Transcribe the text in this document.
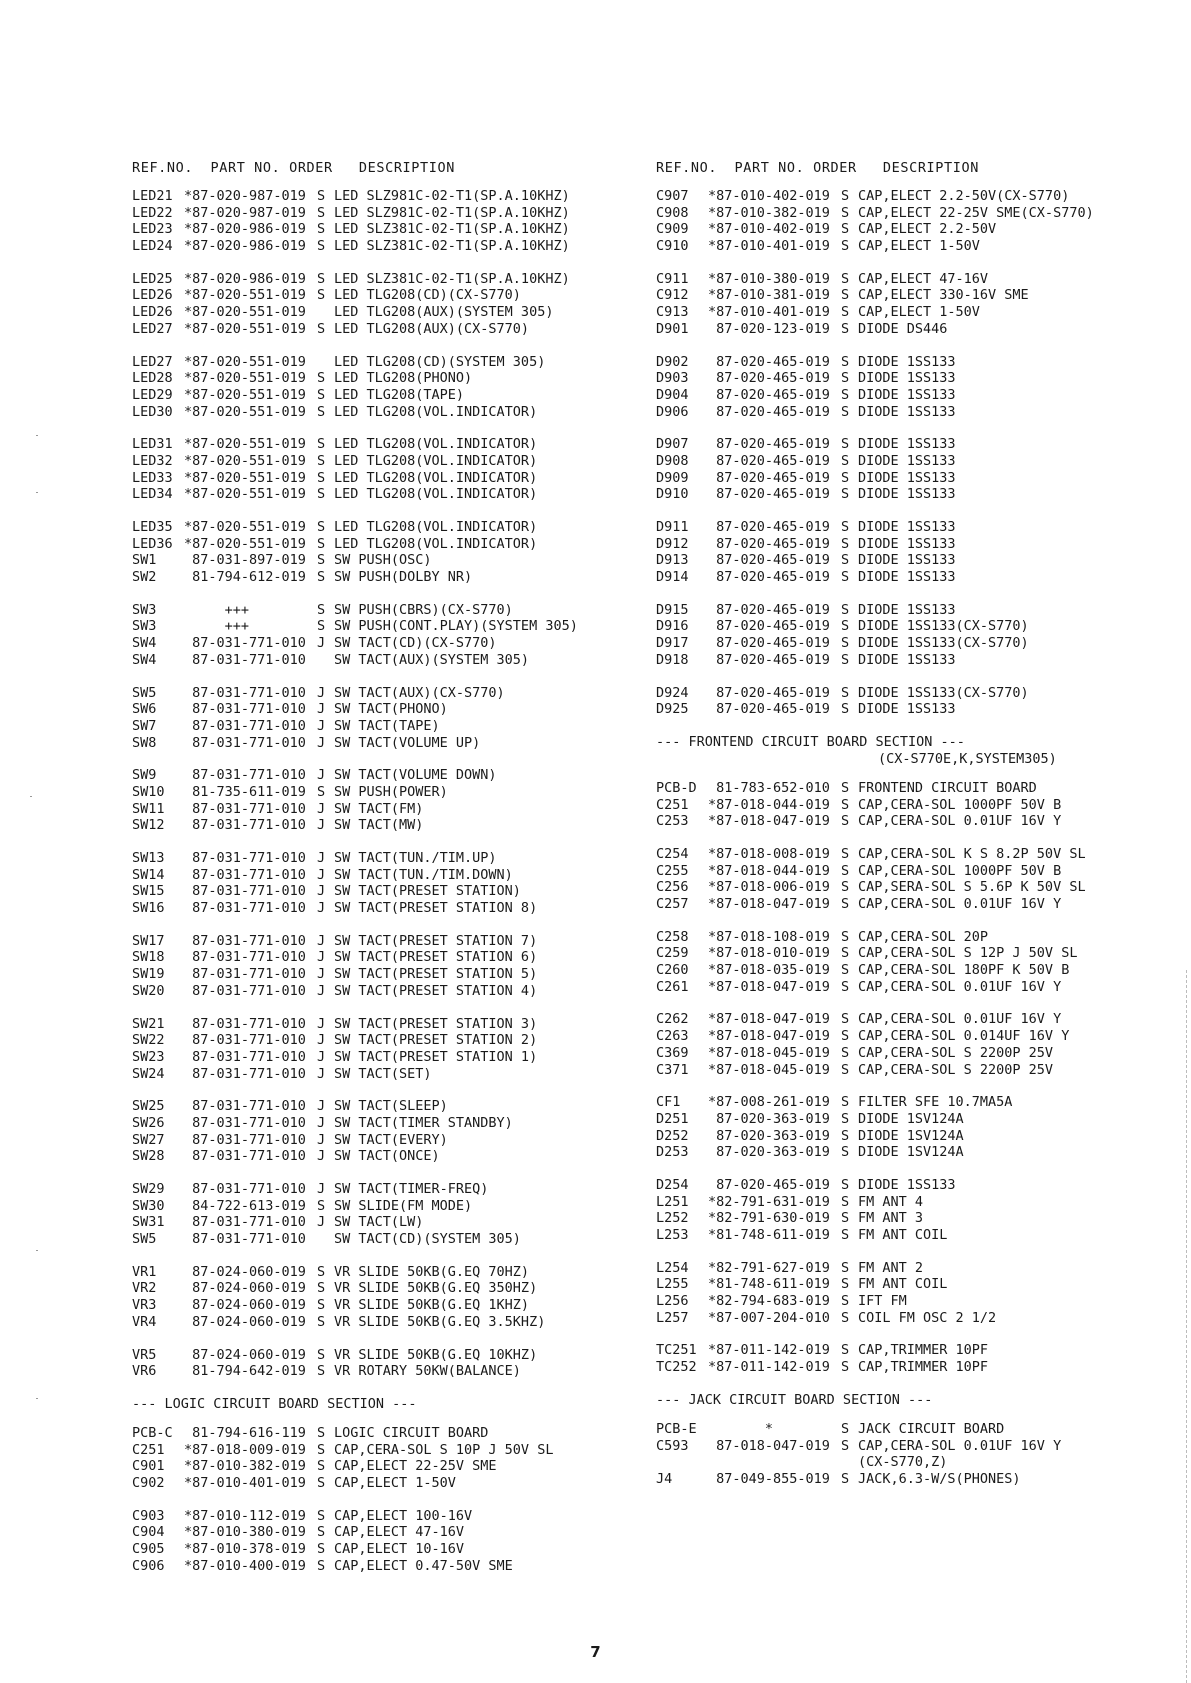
REF.NO.  PART NO. ORDER   DESCRIPTION
LED21 *87-020-987-019 S LED SLZ981C-02-T1(SP.A.10KHZ)
LED22 *87-020-987-019 S LED SLZ981C-02-T1(SP.A.10KHZ)
LED23 *87-020-986-019 S LED SLZ381C-02-T1(SP.A.10KHZ)
LED24 *87-020-986-019 S LED SLZ381C-02-T1(SP.A.10KHZ)
LED25 *87-020-986-019 S LED SLZ381C-02-T1(SP.A.10KHZ)
LED26 *87-020-551-019 S LED TLG208(CD)(CX-S770)
LED26 *87-020-551-019 LED TLG208(AUX)(SYSTEM 305)
LED27 *87-020-551-019 S LED TLG208(AUX)(CX-S770)
LED27 *87-020-551-019 LED TLG208(CD)(SYSTEM 305)
LED28 *87-020-551-019 S LED TLG208(PHONO)
LED29 *87-020-551-019 S LED TLG208(TAPE)
LED30 *87-020-551-019 S LED TLG208(VOL.INDICATOR)
LED31 *87-020-551-019 S LED TLG208(VOL.INDICATOR)
LED32 *87-020-551-019 S LED TLG208(VOL.INDICATOR)
LED33 *87-020-551-019 S LED TLG208(VOL.INDICATOR)
LED34 *87-020-551-019 S LED TLG208(VOL.INDICATOR)
LED35 *87-020-551-019 S LED TLG208(VOL.INDICATOR)
LED36 *87-020-551-019 S LED TLG208(VOL.INDICATOR)
SW1 87-031-897-019 S SW PUSH(OSC)
SW2 81-794-612-019 S SW PUSH(DOLBY NR)
SW3 +++	S SW PUSH(CBRS)(CX-S770)
SW3 +++	S SW PUSH(CONT.PLAY)(SYSTEM 305)
SW4 87-031-771-010 J SW TACT(CD)(CX-S770)
SW4 87-031-771-010 SW TACT(AUX)(SYSTEM 305)
SW5 87-031-771-010 J SW TACT(AUX)(CX-S770)
SW6 87-031-771-010 J SW TACT(PHONO)
SW7 87-031-771-010 J SW TACT(TAPE)
SW8 87-031-771-010 J SW TACT(VOLUME UP)
SW9 87-031-771-010 J SW TACT(VOLUME DOWN)
SW10 81-735-611-019 S SW PUSH(POWER)
SW11 87-031-771-010 J SW TACT(FM)
SW12 87-031-771-010 J SW TACT(MW)
SW13 87-031-771-010 J SW TACT(TUN./TIM.UP)
SW14 87-031-771-010 J SW TACT(TUN./TIM.DOWN)
SW15 87-031-771-010 J SW TACT(PRESET STATION)
SW16 87-031-771-010 J SW TACT(PRESET STATION 8)
SW17 87-031-771-010 J SW TACT(PRESET STATION 7)
SW18 87-031-771-010 J SW TACT(PRESET STATION 6)
SW19 87-031-771-010 J SW TACT(PRESET STATION 5)
SW20 87-031-771-010 J SW TACT(PRESET STATION 4)
SW21 87-031-771-010 J SW TACT(PRESET STATION 3)
SW22 87-031-771-010 J SW TACT(PRESET STATION 2)
SW23 87-031-771-010 J SW TACT(PRESET STATION 1)
SW24 87-031-771-010 J SW TACT(SET)
SW25 87-031-771-010 J SW TACT(SLEEP)
SW26 87-031-771-010 J SW TACT(TIMER STANDBY)
SW27 87-031-771-010 J SW TACT(EVERY)
SW28 87-031-771-010 J SW TACT(ONCE)
SW29 87-031-771-010 J SW TACT(TIMER-FREQ)
SW30 84-722-613-019 S SW SLIDE(FM MODE)
SW31 87-031-771-010 J SW TACT(LW)
SW5 87-031-771-010 SW TACT(CD)(SYSTEM 305)
VR1 87-024-060-019 S VR SLIDE 50KB(G.EQ 70HZ)
VR2 87-024-060-019 S VR SLIDE 50KB(G.EQ 350HZ)
VR3 87-024-060-019 S VR SLIDE 50KB(G.EQ 1KHZ)
VR4 87-024-060-019 S VR SLIDE 50KB(G.EQ 3.5KHZ)
VR5 87-024-060-019 S VR SLIDE 50KB(G.EQ 10KHZ)
VR6 81-794-642-019 S VR ROTARY 50KW(BALANCE)
--- LOGIC CIRCUIT BOARD SECTION ---
PCB-C 81-794-616-119 S LOGIC CIRCUIT BOARD
C251 *87-018-009-019 S CAP,CERA-SOL S 10P J 50V SL
C901 *87-010-382-019 S CAP,ELECT 22-25V SME
C902 *87-010-401-019 S CAP,ELECT 1-50V
C903 *87-010-112-019 S CAP,ELECT 100-16V
C904 *87-010-380-019 S CAP,ELECT 47-16V
C905 *87-010-378-019 S CAP,ELECT 10-16V
C906 *87-010-400-019 S CAP,ELECT 0.47-50V SME
REF.NO.  PART NO. ORDER   DESCRIPTION
C907 *87-010-402-019 S CAP,ELECT 2.2-50V(CX-S770)
C908 *87-010-382-019 S CAP,ELECT 22-25V SME(CX-S770)
C909 *87-010-402-019 S CAP,ELECT 2.2-50V
C910 *87-010-401-019 S CAP,ELECT 1-50V
C911 *87-010-380-019 S CAP,ELECT 47-16V
C912 *87-010-381-019 S CAP,ELECT 330-16V SME
C913 *87-010-401-019 S CAP,ELECT 1-50V
D901 87-020-123-019 S DIODE DS446
D902 87-020-465-019 S DIODE 1SS133
D903 87-020-465-019 S DIODE 1SS133
D904 87-020-465-019 S DIODE 1SS133
D906 87-020-465-019 S DIODE 1SS133
D907 87-020-465-019 S DIODE 1SS133
D908 87-020-465-019 S DIODE 1SS133
D909 87-020-465-019 S DIODE 1SS133
D910 87-020-465-019 S DIODE 1SS133
D911 87-020-465-019 S DIODE 1SS133
D912 87-020-465-019 S DIODE 1SS133
D913 87-020-465-019 S DIODE 1SS133
D914 87-020-465-019 S DIODE 1SS133
D915 87-020-465-019 S DIODE 1SS133
D916 87-020-465-019 S DIODE 1SS133(CX-S770)
D917 87-020-465-019 S DIODE 1SS133(CX-S770)
D918 87-020-465-019 S DIODE 1SS133
D924 87-020-465-019 S DIODE 1SS133(CX-S770)
D925 87-020-465-019 S DIODE 1SS133
--- FRONTEND CIRCUIT BOARD SECTION ---
(CX-S770E,K,SYSTEM305)
PCB-D 81-783-652-010 S FRONTEND CIRCUIT BOARD
C251 *87-018-044-019 S CAP,CERA-SOL 1000PF 50V B
C253 *87-018-047-019 S CAP,CERA-SOL 0.01UF 16V Y
C254 *87-018-008-019 S CAP,CERA-SOL K S 8.2P 50V SL
C255 *87-018-044-019 S CAP,CERA-SOL 1000PF 50V B
C256 *87-018-006-019 S CAP,SERA-SOL S 5.6P K 50V SL
C257 *87-018-047-019 S CAP,CERA-SOL 0.01UF 16V Y
C258 *87-018-108-019 S CAP,CERA-SOL 20P
C259 *87-018-010-019 S CAP,CERA-SOL S 12P J 50V SL
C260 *87-018-035-019 S CAP,CERA-SOL 180PF K 50V B
C261 *87-018-047-019 S CAP,CERA-SOL 0.01UF 16V Y
C262 *87-018-047-019 S CAP,CERA-SOL 0.01UF 16V Y
C263 *87-018-047-019 S CAP,CERA-SOL 0.014UF 16V Y
C369 *87-018-045-019 S CAP,CERA-SOL S 2200P 25V
C371 *87-018-045-019 S CAP,CERA-SOL S 2200P 25V
CF1 *87-008-261-019 S FILTER SFE 10.7MA5A
D251 87-020-363-019 S DIODE 1SV124A
D252 87-020-363-019 S DIODE 1SV124A
D253 87-020-363-019 S DIODE 1SV124A
D254 87-020-465-019 S DIODE 1SS133
L251 *82-791-631-019 S FM ANT 4
L252 *82-791-630-019 S FM ANT 3
L253 *81-748-611-019 S FM ANT COIL
L254 *82-791-627-019 S FM ANT 2
L255 *81-748-611-019 S FM ANT COIL
L256 *82-794-683-019 S IFT FM
L257 *87-007-204-010 S COIL FM OSC 2 1/2
TC251 *87-011-142-019 S CAP,TRIMMER 10PF
TC252 *87-011-142-019 S CAP,TRIMMER 10PF
--- JACK CIRCUIT BOARD SECTION ---
PCB-E *	S JACK CIRCUIT BOARD
C593 87-018-047-019 S CAP,CERA-SOL 0.01UF 16V Y
(CX-S770,Z)
J4	87-049-855-019 S JACK,6.3-W/S(PHONES)
7
